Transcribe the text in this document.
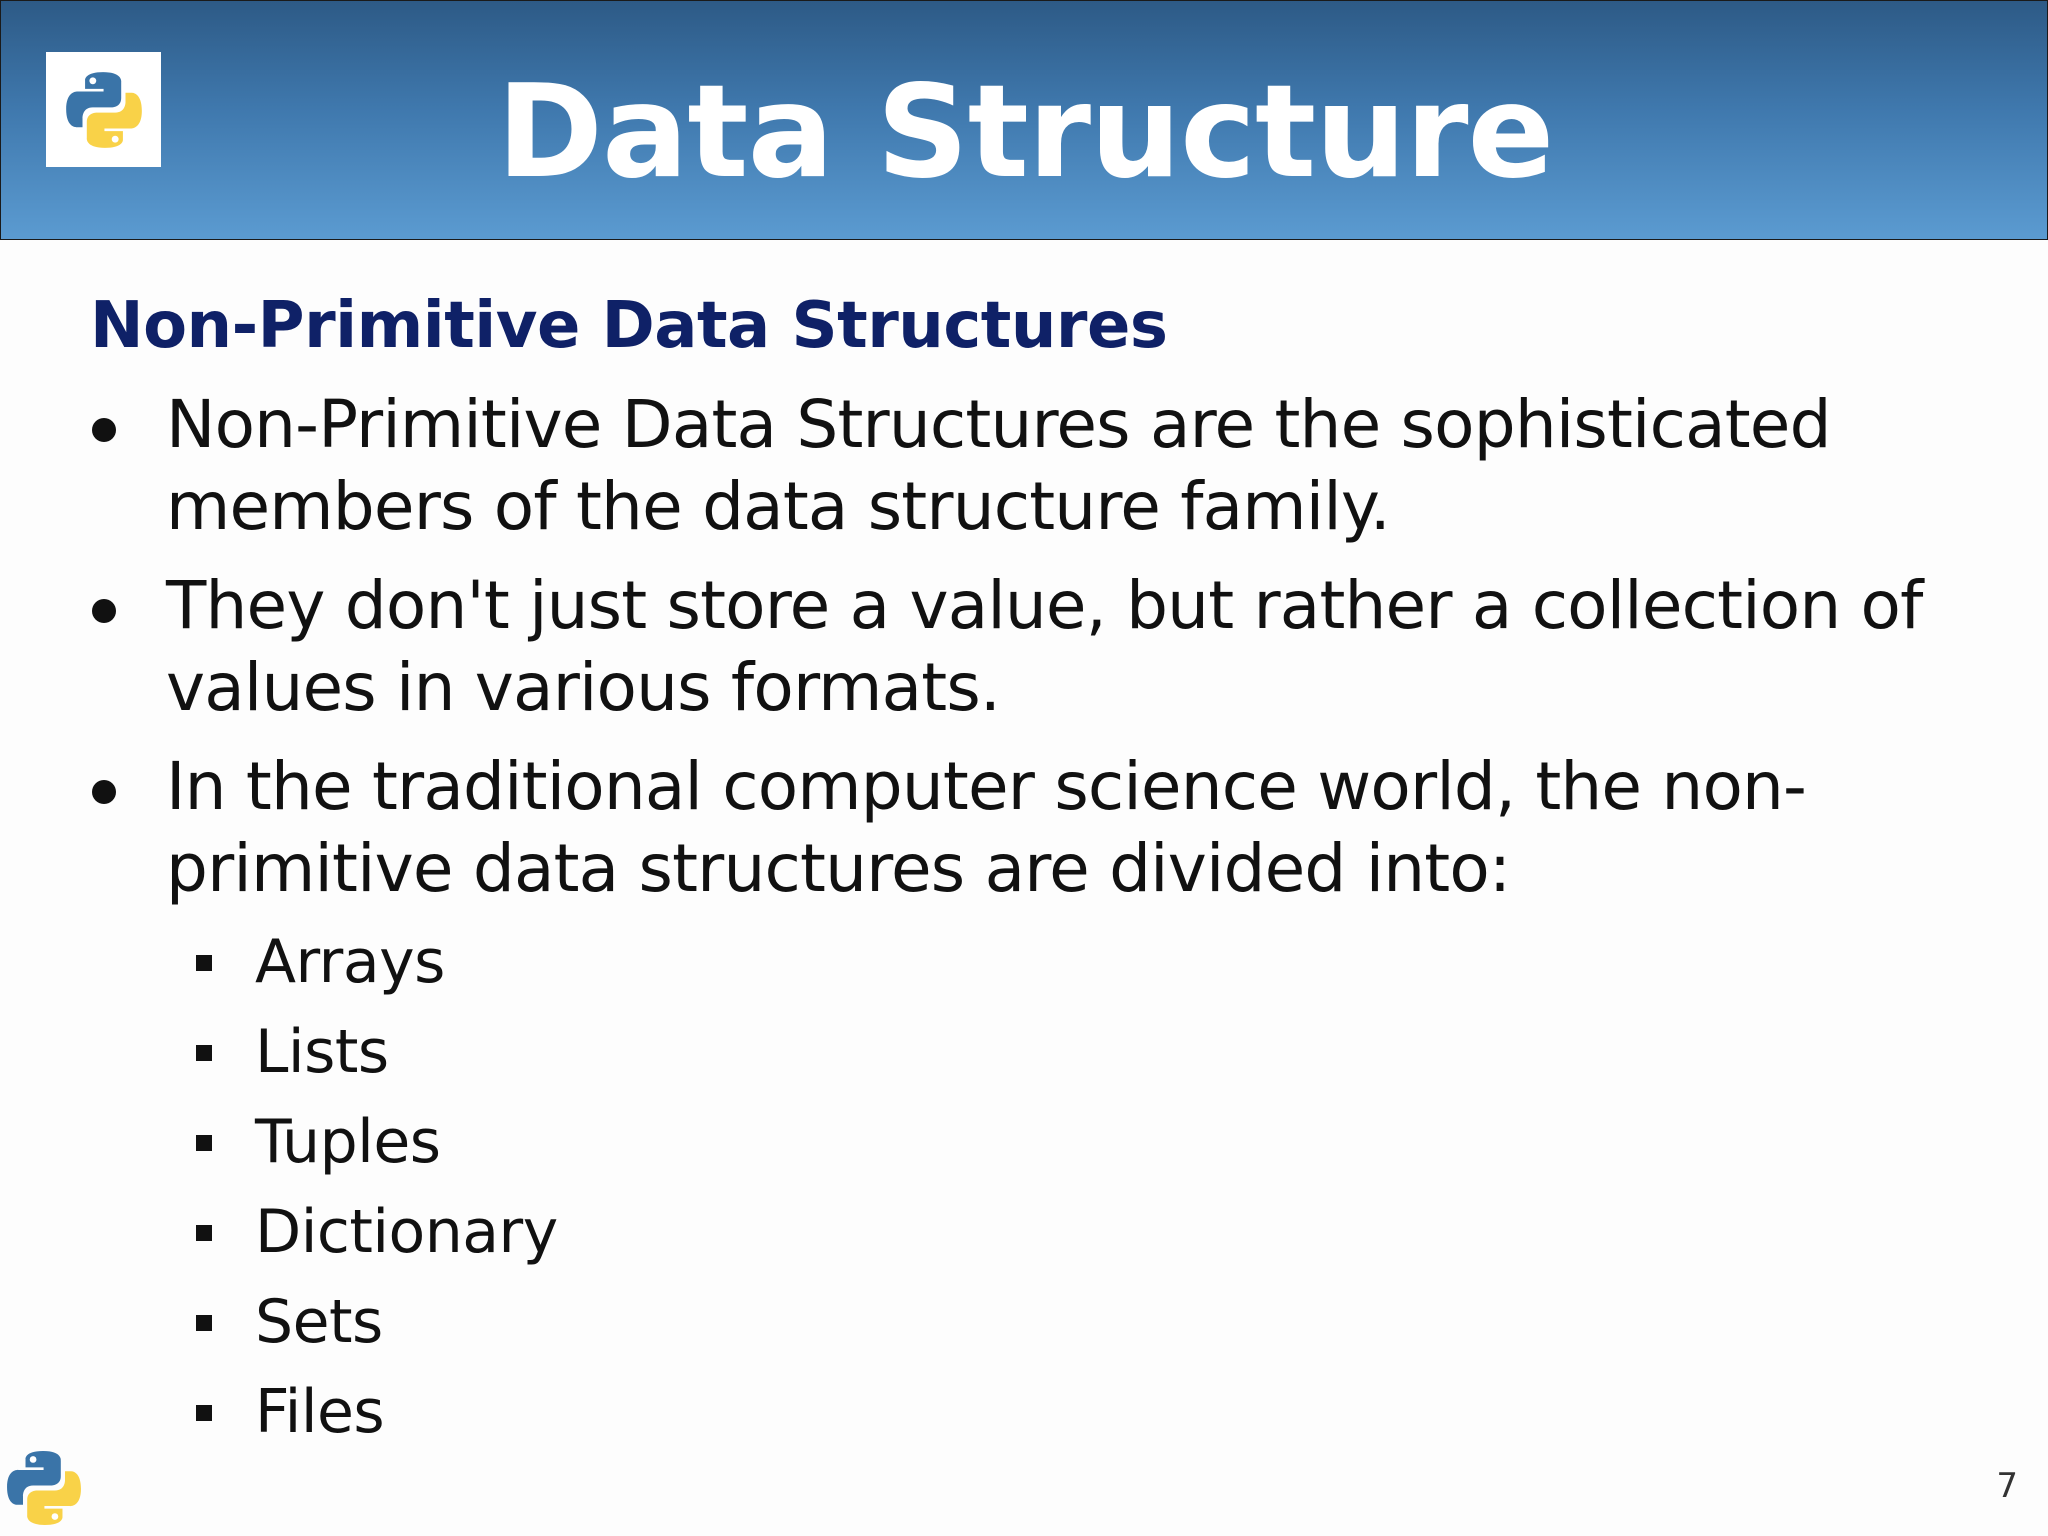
Data Structure
Non-Primitive Data Structures
Non-Primitive Data Structures are the sophisticated members of the data structure family.
They don't just store a value, but rather a collection of values in various formats.
In the traditional computer science world, the non-primitive data structures are divided into:
Arrays
Lists
Tuples
Dictionary
Sets
Files
7
